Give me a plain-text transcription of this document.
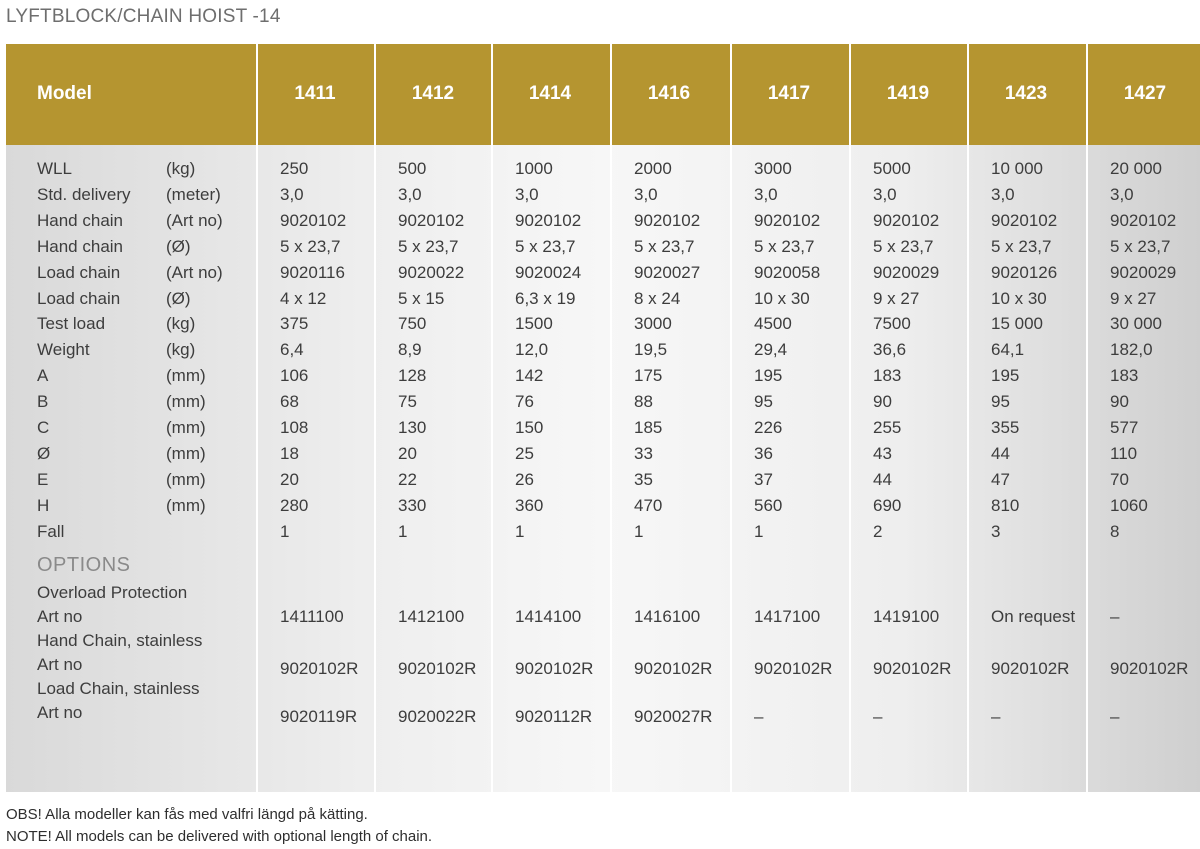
LYFTBLOCK/CHAIN HOIST -14
Model	1411	1412	1414	1416	1417	1419	1423	1427
WLL	(kg)	250	500	1000	2000	3000	5000	10 000	20 000
Std. delivery (meter)	3,0	3,0	3,0	3,0	3,0	3,0	3,0	3,0
Hand chain	(Art no)	9020102	9020102	9020102	9020102	9020102	9020102	9020102	9020102
Hand chain	(Ø)	5 x 23,7	5 x 23,7	5 x 23,7	5 x 23,7	5 x 23,7	5 x 23,7	5 x 23,7	5 x 23,7
Load chain	(Art no)	9020116	9020022	9020024	9020027	9020058	9020029	9020126	9020029
Load chain	(Ø)	4 x 12	5 x 15	6,3 x 19	8 x 24	10 x 30	9 x 27	10 x 30	9 x 27
Test load	(kg)	375	750	1500	3000	4500	7500	15 000	30 000
Weight	(kg)	6,4	8,9	12,0	19,5	29,4	36,6	64,1	182,0
A	(mm)	106	128	142	175	195	183	195	183
B	(mm)	68	75	76	88	95	90	95	90
C	(mm)	108	130	150	185	226	255	355	577
Ø	(mm)	18	20	25	33	36	43	44	110
E	(mm)	20	22	26	35	37	44	47	70
H	(mm)	280	330	360	470	560	690	810	1060
Fall	1	1	1	1	1	2	3	8
OPTIONS
Overload Protection
Art no	1411100	1412100	1414100	1416100	1417100	1419100	On request –
Hand Chain, stainless
Art no	9020102R 9020102R 9020102R 9020102R 9020102R 9020102R 9020102R 9020102R
Load Chain, stainless
Art no	9020119R 9020022R 9020112R 9020027R –	–	–	–
OBS! Alla modeller kan fås med valfri längd på kätting.
NOTE! All models can be delivered with optional length of chain.
